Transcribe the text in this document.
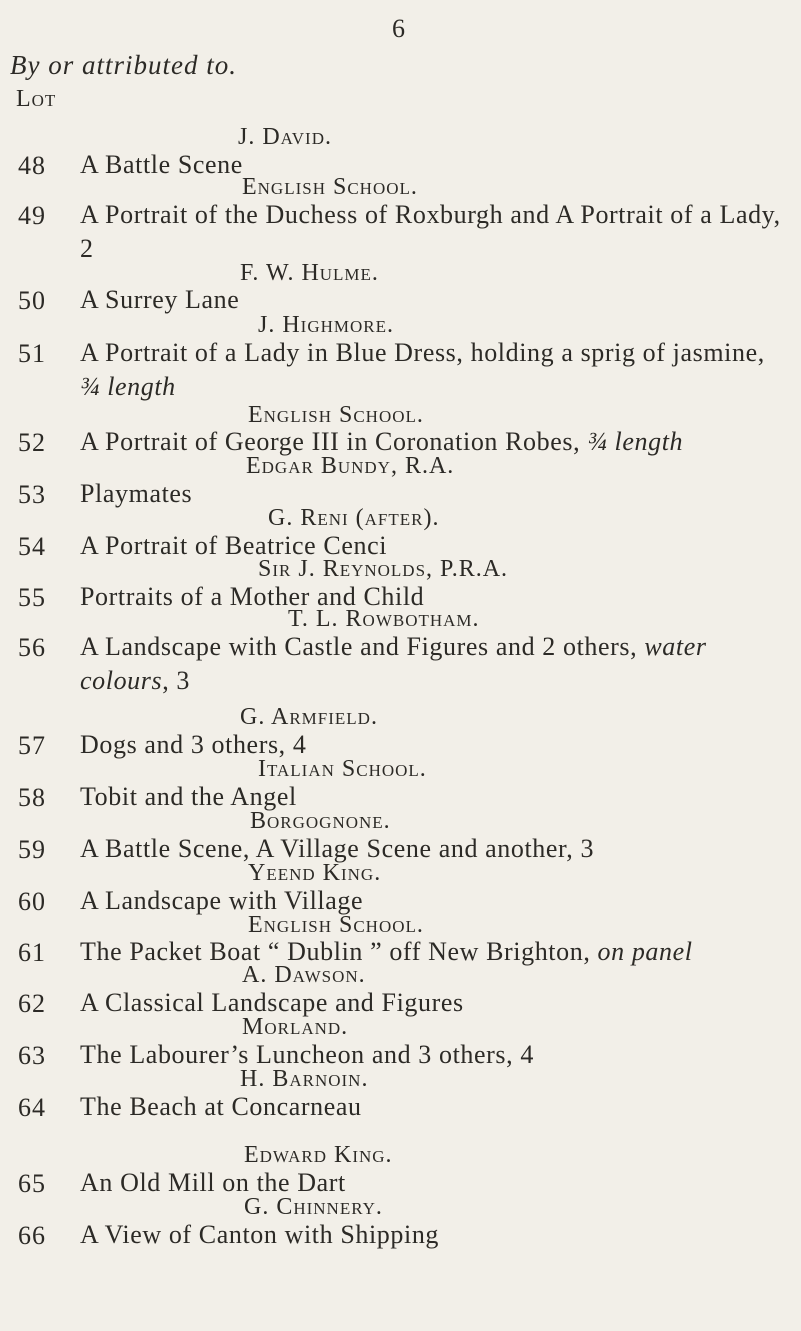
6
By or attributed to.
Lot
J. David.
48 A Battle Scene
English School.
49 A Portrait of the Duchess of Roxburgh and A Portrait of a Lady, 2
F. W. Hulme.
50 A Surrey Lane
J. Highmore.
51 A Portrait of a Lady in Blue Dress, holding a sprig of jasmine, ¾ length
English School.
52 A Portrait of George III in Coronation Robes, ¾ length
Edgar Bundy, R.A.
53 Playmates
G. Reni (after).
54 A Portrait of Beatrice Cenci
Sir J. Reynolds, P.R.A.
55 Portraits of a Mother and Child
T. L. Rowbotham.
56 A Landscape with Castle and Figures and 2 others, water colours, 3
G. Armfield.
57 Dogs and 3 others, 4
Italian School.
58 Tobit and the Angel
Borgognone.
59 A Battle Scene, A Village Scene and another, 3
Yeend King.
60 A Landscape with Village
English School.
61 The Packet Boat “ Dublin ” off New Brighton, on panel
A. Dawson.
62 A Classical Landscape and Figures
Morland.
63 The Labourer’s Luncheon and 3 others, 4
H. Barnoin.
64 The Beach at Concarneau
Edward King.
65 An Old Mill on the Dart
G. Chinnery.
66 A View of Canton with Shipping
